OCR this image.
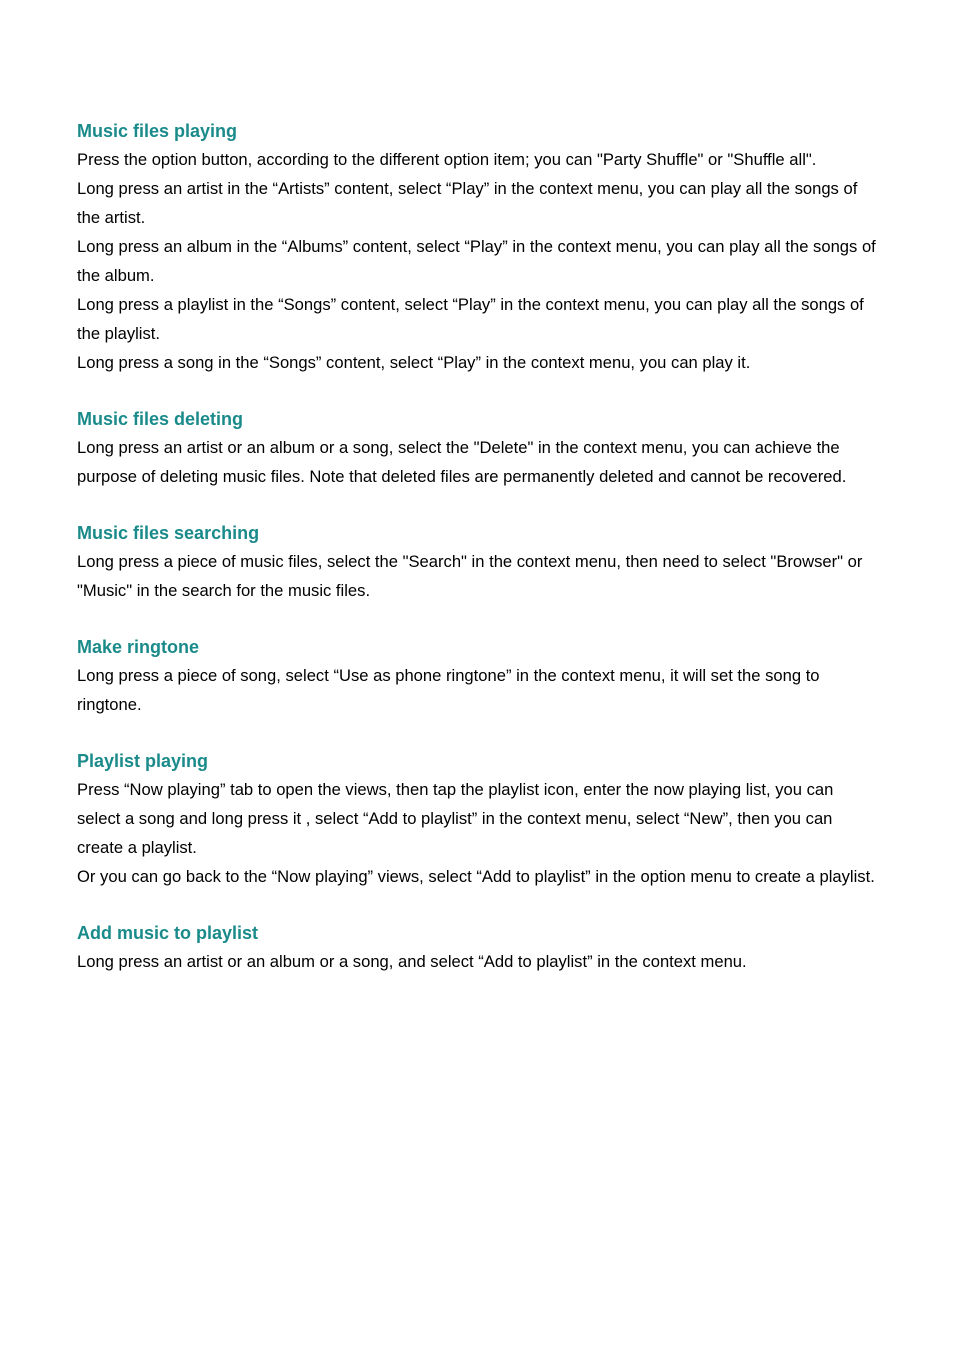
Music files playing

Press the option button, according to the different option item; you can "Party Shuffle" or "Shuffle all".

Long press an artist in the “Artists” content, select “Play” in the context menu, you can play all the songs of the artist.

Long press an album in the “Albums” content, select “Play” in the context menu, you can play all the songs of the album.

Long press a playlist in the “Songs” content, select “Play” in the context menu, you can play all the songs of the playlist.

Long press a song in the “Songs” content, select “Play” in the context menu, you can play it.

Music files deleting

Long press an artist or an album or a song, select the "Delete" in the context menu, you can achieve the purpose of deleting music files. Note that deleted files are permanently deleted and cannot be recovered.

Music files searching

Long press a piece of music files, select the "Search" in the context menu, then need to select "Browser" or "Music" in the search for the music files.

Make ringtone

Long press a piece of song, select “Use as phone ringtone” in the context menu, it will set the song to ringtone.

Playlist playing

Press “Now playing” tab to open the views, then tap the playlist icon, enter the now playing list, you can select a song and long press it , select “Add to playlist” in the context menu, select “New”, then you can create a playlist.

Or you can go back to the “Now playing” views, select “Add to playlist” in the option menu to create a playlist.

Add music to playlist

Long press an artist or an album or a song, and select “Add to playlist” in the context menu.
